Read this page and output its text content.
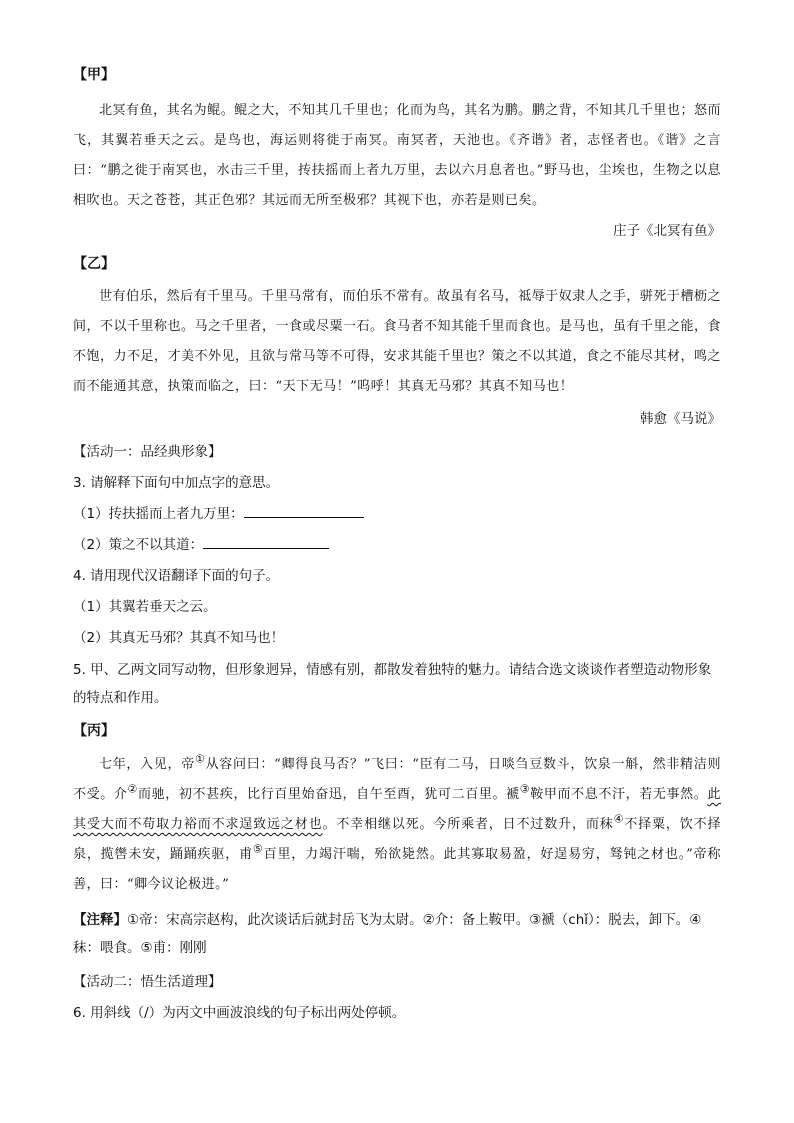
【甲】
北冥有鱼，其名为鲲。鲲之大，不知其几千里也；化而为鸟，其名为鹏。鹏之背，不知其几千里也；怒而飞，其翼若垂天之云。是鸟也，海运则将徙于南冥。南冥者，天池也。《齐谐》者，志怪者也。《谐》之言曰：“鹏之徙于南冥也，水击三千里，抟扶摇而上者九万里，去以六月息者也。”野马也，尘埃也，生物之以息相吹也。天之苍苍，其正色邪？其远而无所至极邪？其视下也，亦若是则已矣。
庄子《北冥有鱼》
【乙】
世有伯乐，然后有千里马。千里马常有，而伯乐不常有。故虽有名马，祗辱于奴隶人之手，骈死于槽枥之间，不以千里称也。马之千里者，一食或尽粟一石。食马者不知其能千里而食也。是马也，虽有千里之能，食不饱，力不足，才美不外见，且欲与常马等不可得，安求其能千里也？策之不以其道，食之不能尽其材，鸣之而不能通其意，执策而临之，曰：“天下无马！”呜呼！其真无马邪？其真不知马也！
韩愈《马说》
【活动一：品经典形象】
3. 请解释下面句中加点字的意思。
（1）抟扶摇而上者九万里：
（2）策之不以其道：
4. 请用现代汉语翻译下面的句子。
（1）其翼若垂天之云。
（2）其真无马邪？其真不知马也！
5. 甲、乙两文同写动物，但形象迥异，情感有别，都散发着独特的魅力。请结合选文谈谈作者塑造动物形象的特点和作用。
【丙】
七年，入见，帝①从容问曰：“卿得良马否？”飞曰：“臣有二马，日啖刍豆数斗，饮泉一斛，然非精洁则不受。介②而驰，初不甚疾，比行百里始奋迅，自午至酉，犹可二百里。褫③鞍甲而不息不汗，若无事然。此其受大而不苟取力裕而不求逞致远之材也。不幸相继以死。今所乘者，日不过数升，而秣④不择粟，饮不择泉，揽辔未安，踊踊疾驱，甫⑤百里，力竭汗喘，殆欲毙然。此其寡取易盈，好逞易穷，驽钝之材也。”帝称善，曰：“卿今议论极进。”
【注释】①帝：宋高宗赵构，此次谈话后就封岳飞为太尉。②介：备上鞍甲。③褫（chǐ）：脱去，卸下。④秣：喂食。⑤甫：刚刚
【活动二：悟生活道理】
6. 用斜线（/）为丙文中画波浪线的句子标出两处停顿。
